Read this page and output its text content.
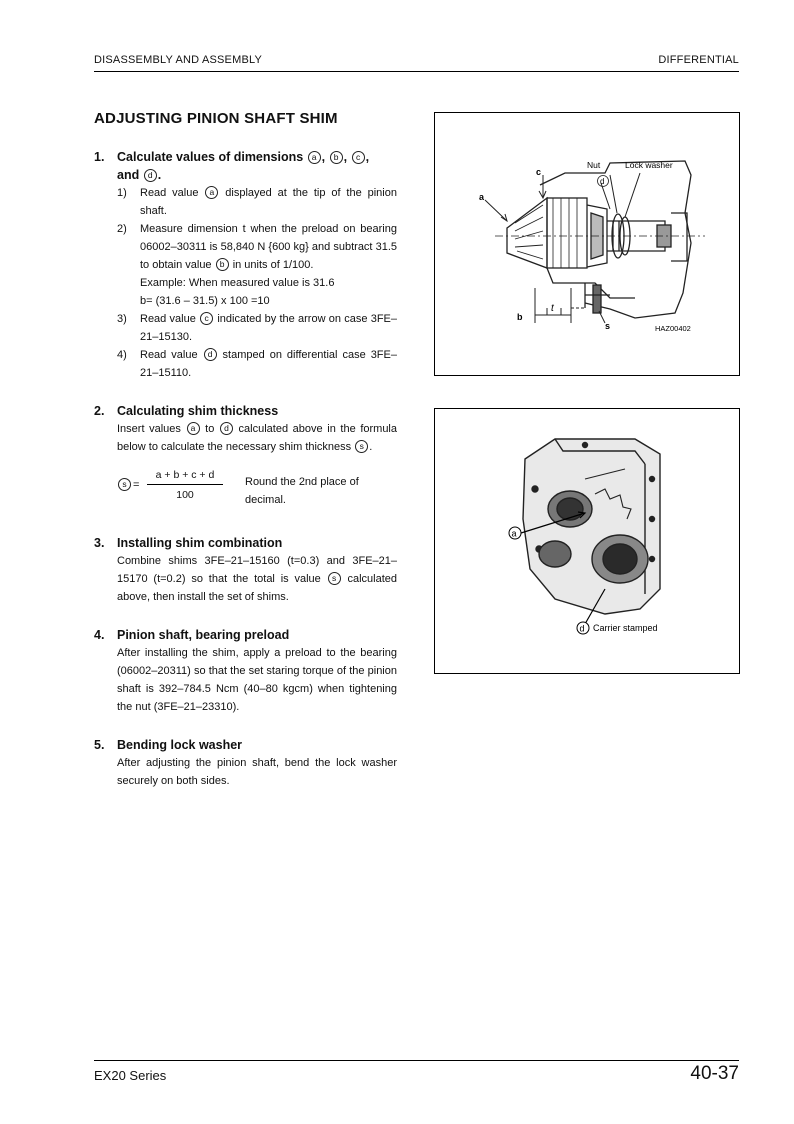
DISASSEMBLY AND ASSEMBLY	DIFFERENTIAL
ADJUSTING PINION SHAFT SHIM
1.	Calculate values of dimensions a , b , c ,
and d .
1)	Read value a displayed at the tip of the pinion shaft.
2)	Measure dimension t when the preload on bearing 06002–30311 is 58,840 N {600 kg} and subtract 31.5 to obtain value b in units of 1/100.
Example: When measured value is 31.6
b= (31.6 – 31.5) x 100 =10
3)	Read value c indicated by the arrow on case 3FE–21–15130.
4)	Read value d stamped on differential case 3FE–21–15110.
2.	Calculating shim thickness
Insert values a to d calculated above in the formula below to calculate the necessary shim thickness s .
s =
a + b + c + d
100
Round the 2nd place of decimal.
3.	Installing shim combination
Combine shims 3FE–21–15160 (t=0.3) and 3FE–21–15170 (t=0.2) so that the total is value s calculated above, then install the set of shims.
4.	Pinion shaft, bearing preload
After installing the shim, apply a preload to the bearing (06002–20311) so that the set staring torque of the pinion shaft is 392–784.5 Ncm (40–80 kgcm) when tightening the nut (3FE–21–23310).
5.	Bending lock washer
After adjusting the pinion shaft, bend the lock washer securely on both sides.
Nut	Lock washer
c
d
a
b
t
s	HAZ00402
a
d Carrier stamped
EX20 Series	40-37
